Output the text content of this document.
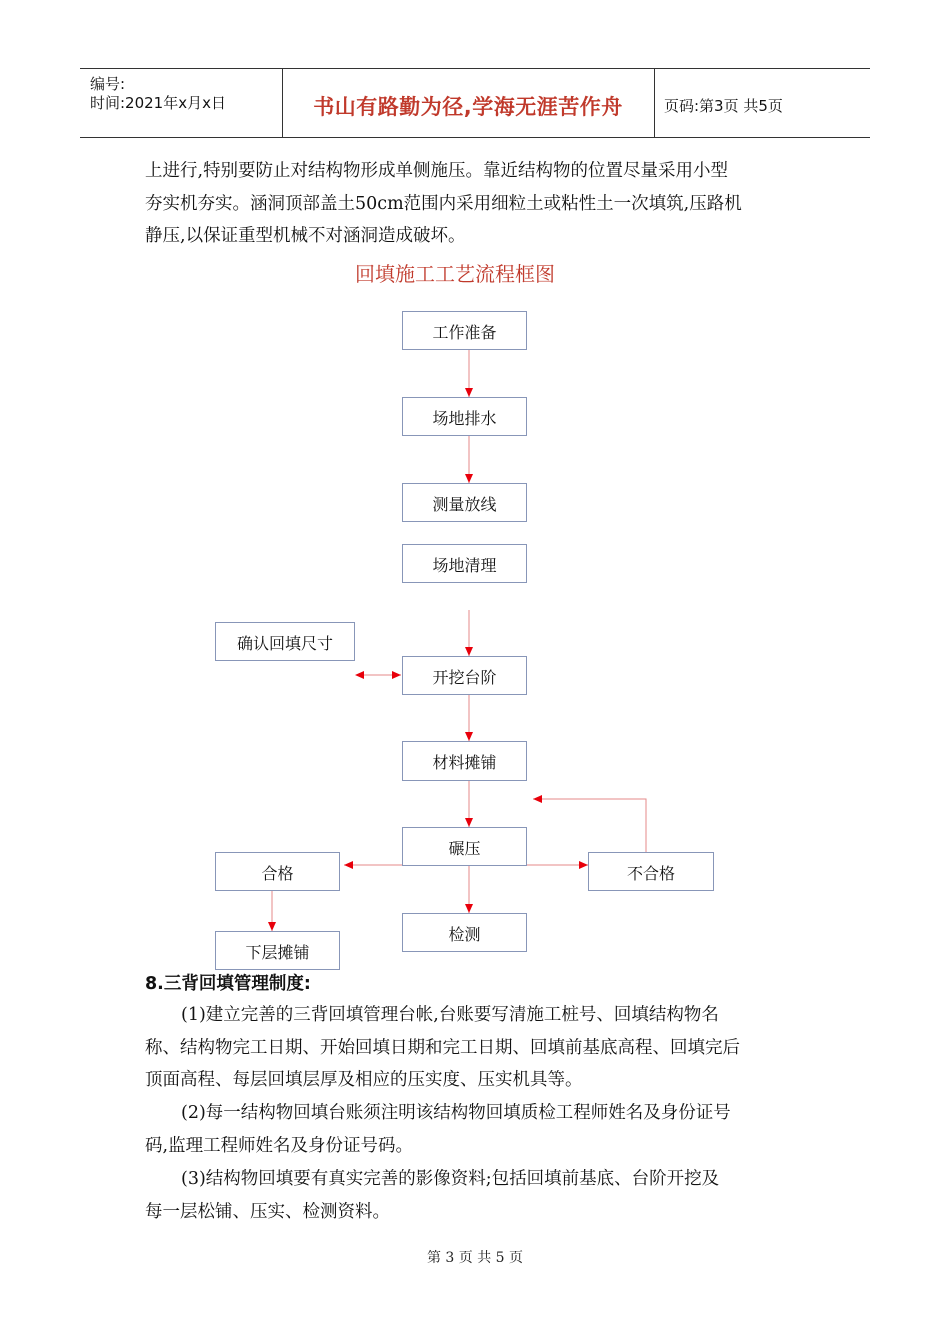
编号:
时间:2021年x月x日	书山有路勤为径,学海无涯苦作舟	页码:第3页 共5页
上进行,特别要防止对结构物形成单侧施压。靠近结构物的位置尽量采用小型
夯实机夯实。涵洞顶部盖土50cm范围内采用细粒土或粘性土一次填筑,压路机
静压,以保证重型机械不对涵洞造成破坏。
回填施工工艺流程框图
工作准备
场地排水
测量放线
场地清理
确认回填尺寸
开挖台阶
材料摊铺
碾压
合格	不合格
检测
下层摊铺
8.三背回填管理制度:
(1)建立完善的三背回填管理台帐,台账要写清施工桩号、回填结构物名
称、结构物完工日期、开始回填日期和完工日期、回填前基底高程、回填完后
顶面高程、每层回填层厚及相应的压实度、压实机具等。
(2)每一结构物回填台账须注明该结构物回填质检工程师姓名及身份证号
码,监理工程师姓名及身份证号码。
(3)结构物回填要有真实完善的影像资料;包括回填前基底、台阶开挖及
每一层松铺、压实、检测资料。
第 3 页 共 5 页
